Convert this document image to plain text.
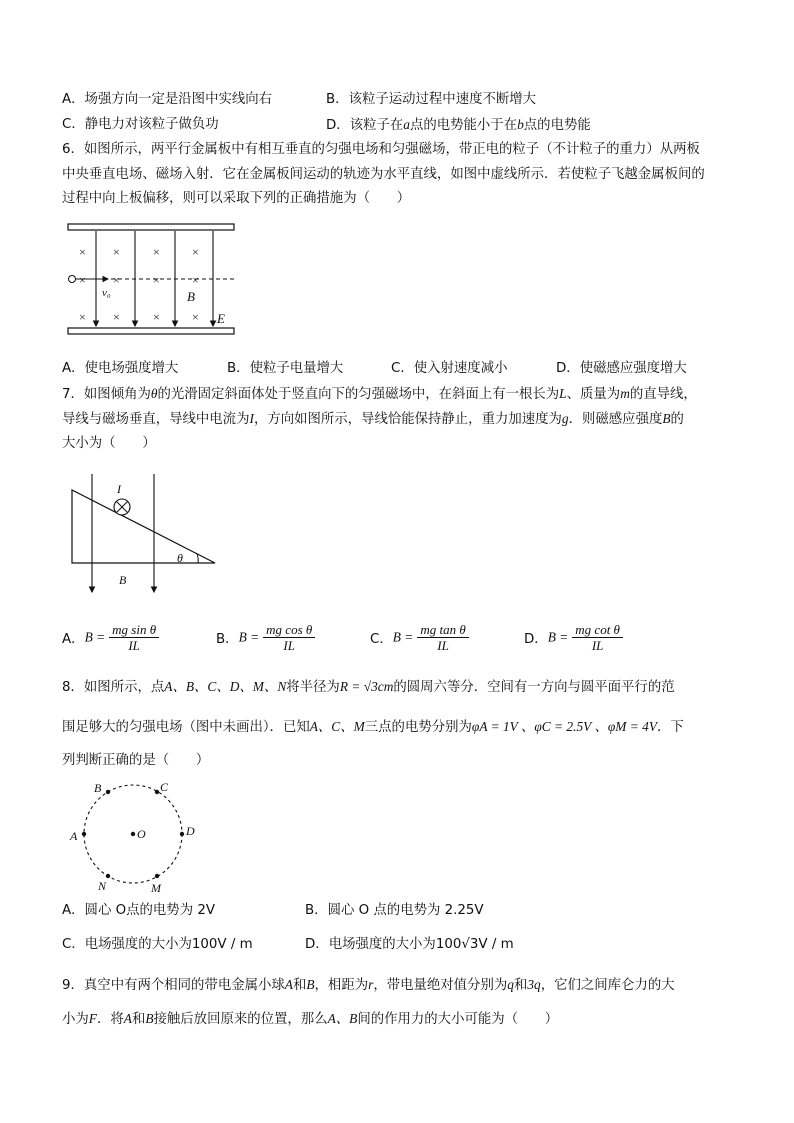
A．场强方向一定是沿图中实线向右	B．该粒子运动过程中速度不断增大
C．静电力对该粒子做负功	D．该粒子在a点的电势能小于在b点的电势能
6．如图所示，两平行金属板中有相互垂直的匀强电场和匀强磁场，带正电的粒子（不计粒子的重力）从两板
中央垂直电场、磁场入射．它在金属板间运动的轨迹为水平直线，如图中虚线所示．若使粒子飞越金属板间的
过程中向上板偏移，则可以采取下列的正确措施为（　　）
× ×	×	×
× ×	×	×
× ×	×	×
v₀	B
E
A．使电场强度增大	B．使粒子电量增大	C．使入射速度减小	D．使磁感应强度增大
7．如图倾角为θ的光滑固定斜面体处于竖直向下的匀强磁场中，在斜面上有一根长为L、质量为m的直导线，
导线与磁场垂直，导线中电流为I，方向如图所示，导线恰能保持静止，重力加速度为g．则磁感应强度B的
大小为（　　）
I
θ
B
A．$B = \frac{\text{mg sin θ}}{IL}$	B．$B = \frac{\text{mg cos θ}}{IL}$	C．$B = \frac{\text{mg tan θ}}{IL}$	D．$B = \frac{\text{mg cot θ}}{IL}$
8．如图所示，点A、B、C、D、M、N将半径为R = √3cm的圆周六等分．空间有一方向与圆平面平行的范
围足够大的匀强电场（图中未画出）．已知A、C、M三点的电势分别为φA = 1V 、φC = 2.5V 、φM = 4V．下
列判断正确的是（　　）
A
B	C
D
M
N
O
A．圆心 O点的电势为 2V	B．圆心 O 点的电势为 2.25V
C．电场强度的大小为100V / m	D．电场强度的大小为100√3V / m
9．真空中有两个相同的带电金属小球A和B，相距为r，带电量绝对值分别为q和3q，它们之间库仑力的大
小为F．将A和B接触后放回原来的位置，那么A、B间的作用力的大小可能为（　　）
